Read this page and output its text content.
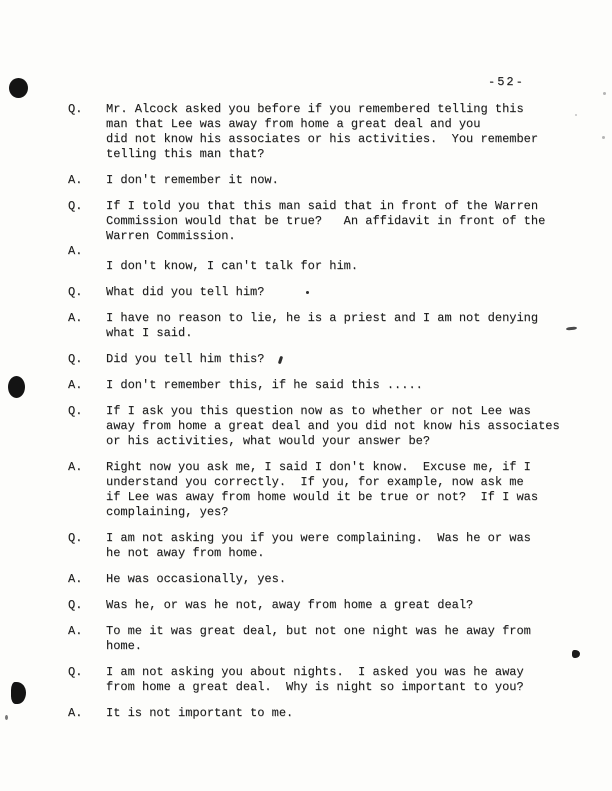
-52-
Q.	Mr. Alcock asked you before if you remembered telling this
man that Lee was away from home a great deal and you
did not know his associates or his activities.  You remember
telling this man that?
A.	I don't remember it now.
Q.	If I told you that this man said that in front of the Warren
Commission would that be true?   An affidavit in front of the
Warren Commission.
A.
I don't know, I can't talk for him.
Q.	What did you tell him?
A.	I have no reason to lie, he is a priest and I am not denying
what I said.
Q.	Did you tell him this?
A.	I don't remember this, if he said this .....
Q.	If I ask you this question now as to whether or not Lee was
away from home a great deal and you did not know his associates
or his activities, what would your answer be?
A.	Right now you ask me, I said I don't know.  Excuse me, if I
understand you correctly.  If you, for example, now ask me
if Lee was away from home would it be true or not?  If I was
complaining, yes?
Q.	I am not asking you if you were complaining.  Was he or was
he not away from home.
A.	He was occasionally, yes.
Q.	Was he, or was he not, away from home a great deal?
A.	To me it was great deal, but not one night was he away from
home.
Q.	I am not asking you about nights.  I asked you was he away
from home a great deal.  Why is night so important to you?
A.	It is not important to me.
